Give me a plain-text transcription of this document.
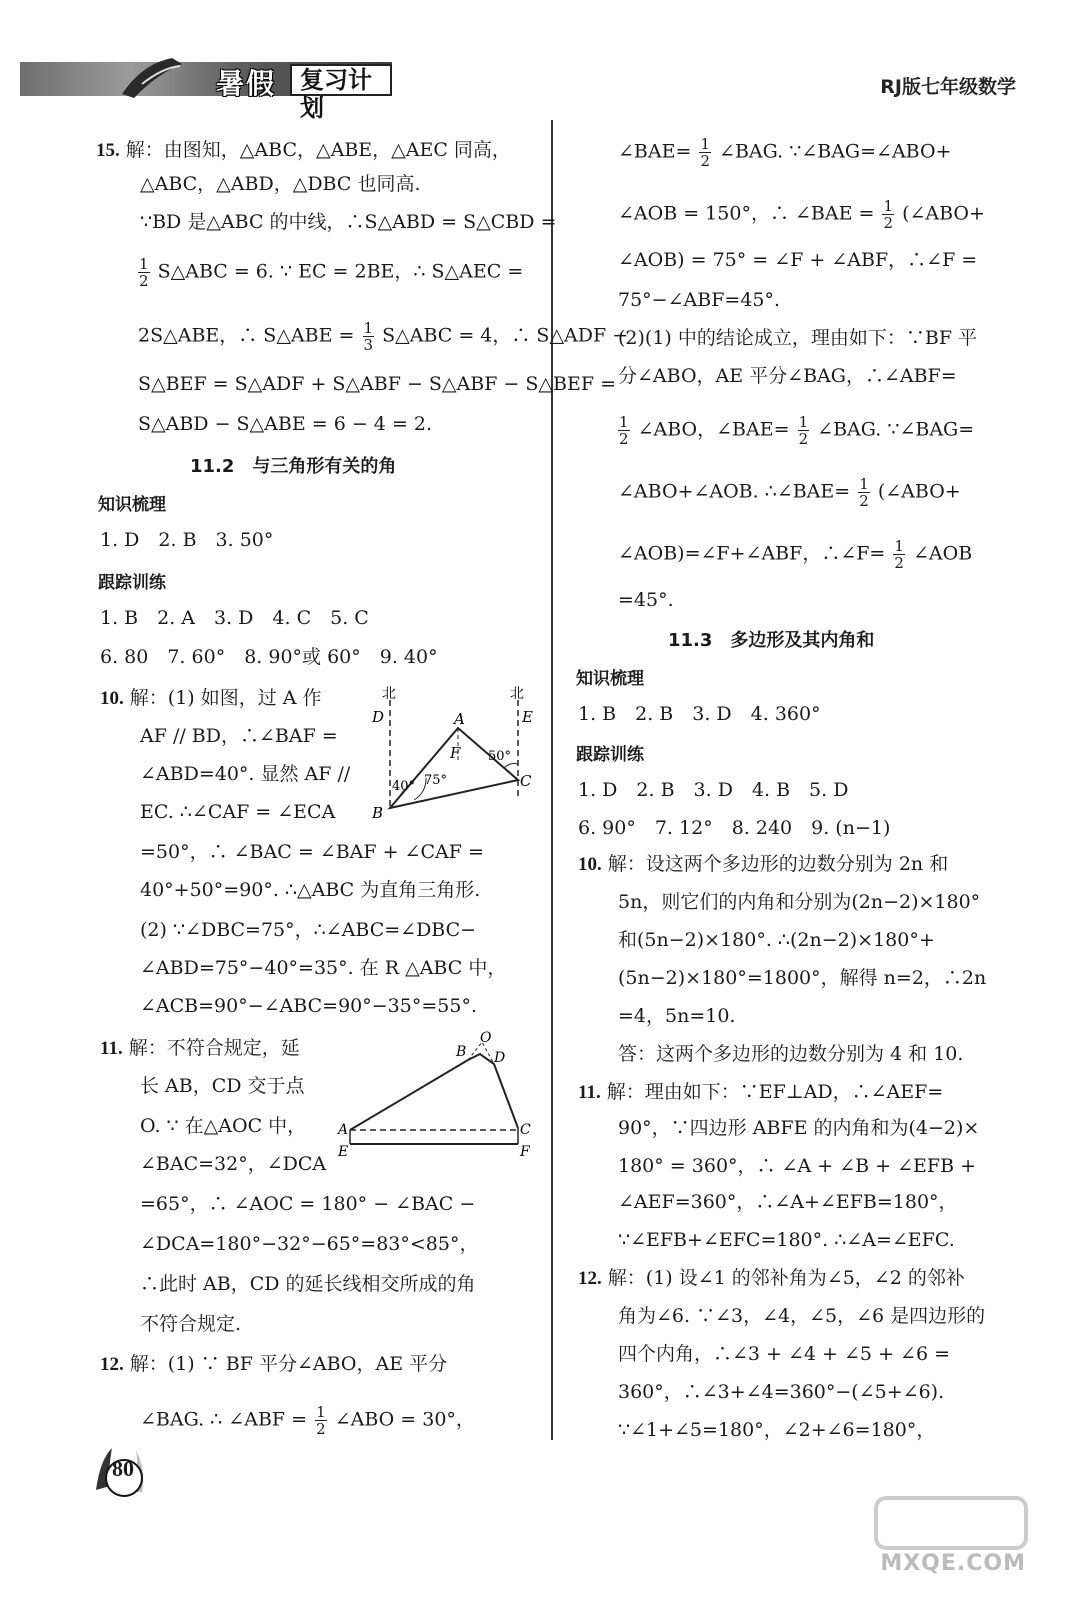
暑假 复习计划
RJ版七年级数学
15. 解：由图知，△ABC，△ABE，△AEC 同高，
△ABC，△ABD，△DBC 也同高.
∵BD 是△ABC 的中线，∴S△ABD = S△CBD =
$\frac{1}{2}$ S△ABC = 6. ∵ EC = 2BE，∴ S△AEC =
2S△ABE，∴ S△ABE = $\frac{1}{3}$ S△ABC = 4，∴ S△ADF −
S△BEF = S△ADF + S△ABF − S△ABF − S△BEF =
S△ABD − S△ABE = 6 − 4 = 2.
11.2　与三角形有关的角
知识梳理
1. D　2. B　3. 50°
跟踪训练
1. B　2. A　3. D　4. C　5. C
6. 80　7. 60°　8. 90°或 60°　9. 40°
10. 解：(1) 如图，过 A 作
AF // BD，∴∠BAF =
∠ABD=40°. 显然 AF //
EC. ∴∠CAF = ∠ECA
=50°，∴ ∠BAC = ∠BAF + ∠CAF =
40°+50°=90°. ∴△ABC 为直角三角形.
(2) ∵∠DBC=75°，∴∠ABC=∠DBC−
∠ABD=75°−40°=35°. 在 R △ABC 中，
∠ACB=90°−∠ABC=90°−35°=55°.
北	北
D	E
A
F
B
C
40° 75°
50°
11. 解：不符合规定，延
长 AB，CD 交于点
O. ∵ 在△AOC 中，
∠BAC=32°，∠DCA
=65°，∴ ∠AOC = 180° − ∠BAC −
∠DCA=180°−32°−65°=83°<85°，
∴此时 AB，CD 的延长线相交所成的角
不符合规定.
O
B D
A	C
E	F
12. 解：(1) ∵ BF 平分∠ABO，AE 平分
∠BAG. ∴ ∠ABF = $\frac{1}{2}$ ∠ABO = 30°，
∠BAE= $\frac{1}{2}$ ∠BAG. ∵∠BAG=∠ABO+
∠AOB = 150°，∴ ∠BAE = $\frac{1}{2}$ (∠ABO+
∠AOB) = 75° = ∠F + ∠ABF，∴∠F =
75°−∠ABF=45°.
(2)(1) 中的结论成立，理由如下：∵BF 平
分∠ABO，AE 平分∠BAG，∴∠ABF=
$\frac{1}{2}$ ∠ABO，∠BAE= $\frac{1}{2}$ ∠BAG. ∵∠BAG=
∠ABO+∠AOB. ∴∠BAE= $\frac{1}{2}$ (∠ABO+
∠AOB)=∠F+∠ABF，∴∠F= $\frac{1}{2}$ ∠AOB
=45°.
11.3　多边形及其内角和
知识梳理
1. B　2. B　3. D　4. 360°
跟踪训练
1. D　2. B　3. D　4. B　5. D
6. 90°　7. 12°　8. 240　9. (n−1)
10. 解：设这两个多边形的边数分别为 2n 和
5n，则它们的内角和分别为(2n−2)×180°
和(5n−2)×180°. ∴(2n−2)×180°+
(5n−2)×180°=1800°，解得 n=2，∴2n
=4，5n=10.
答：这两个多边形的边数分别为 4 和 10.
11. 解：理由如下：∵EF⊥AD，∴∠AEF=
90°，∵四边形 ABFE 的内角和为(4−2)×
180° = 360°，∴ ∠A + ∠B + ∠EFB +
∠AEF=360°，∴∠A+∠EFB=180°，
∵∠EFB+∠EFC=180°. ∴∠A=∠EFC.
12. 解：(1) 设∠1 的邻补角为∠5，∠2 的邻补
角为∠6. ∵∠3，∠4，∠5，∠6 是四边形的
四个内角，∴∠3 + ∠4 + ∠5 + ∠6 =
360°，∴∠3+∠4=360°−(∠5+∠6).
∵∠1+∠5=180°，∠2+∠6=180°，
80
MXQE.COM
